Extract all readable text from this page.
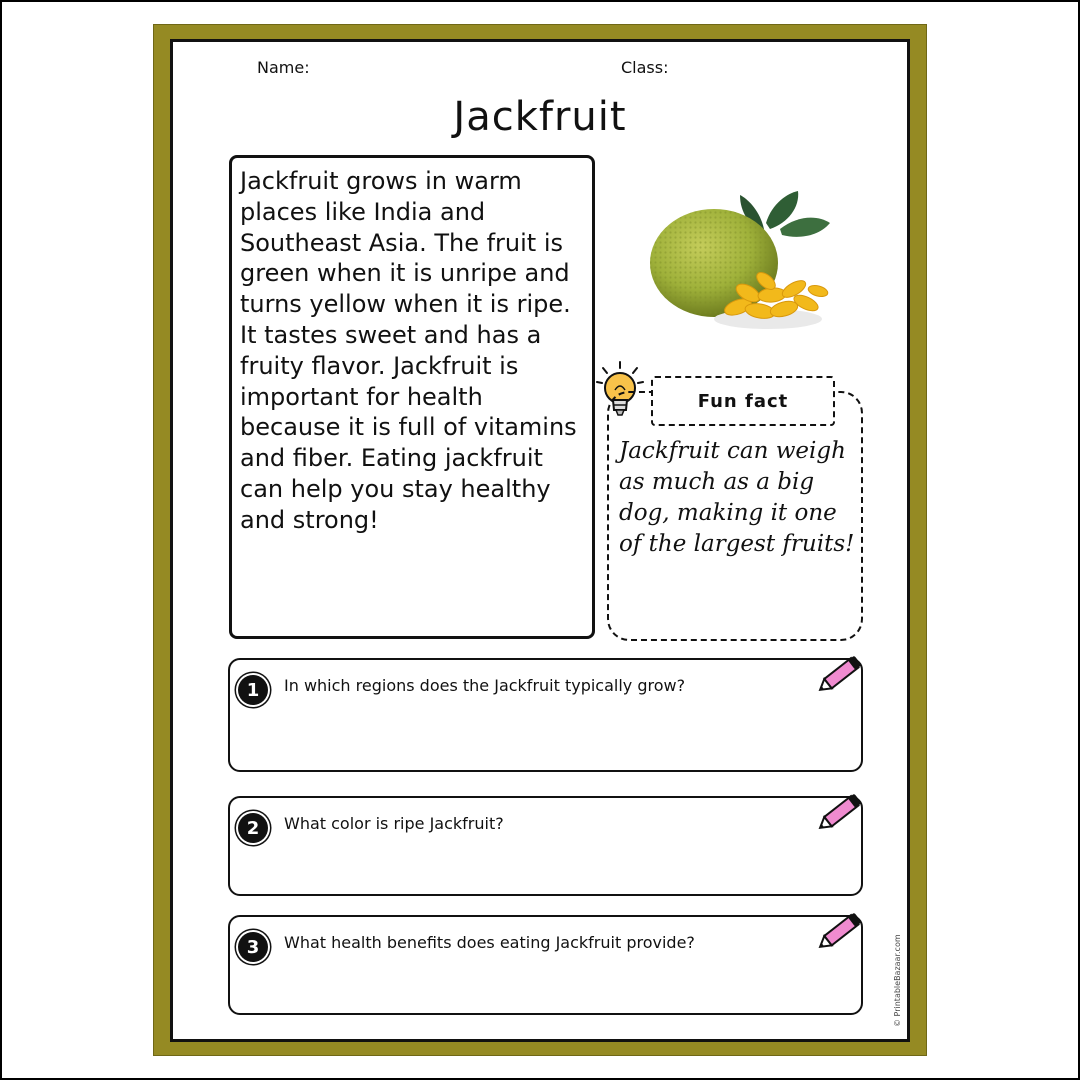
Name:	Class:
Jackfruit
Jackfruit grows in warm places like India and Southeast Asia. The fruit is green when it is unripe and turns yellow when it is ripe. It tastes sweet and has a fruity flavor. Jackfruit is important for health because it is full of vitamins and fiber. Eating jackfruit can help you stay healthy and strong!
Fun fact
Jackfruit can weigh as much as a big dog, making it one of the largest fruits!
1	In which regions does the Jackfruit typically grow?
2	What color is ripe Jackfruit?
3	What health benefits does eating Jackfruit provide?	© PrintableBazaar.com
